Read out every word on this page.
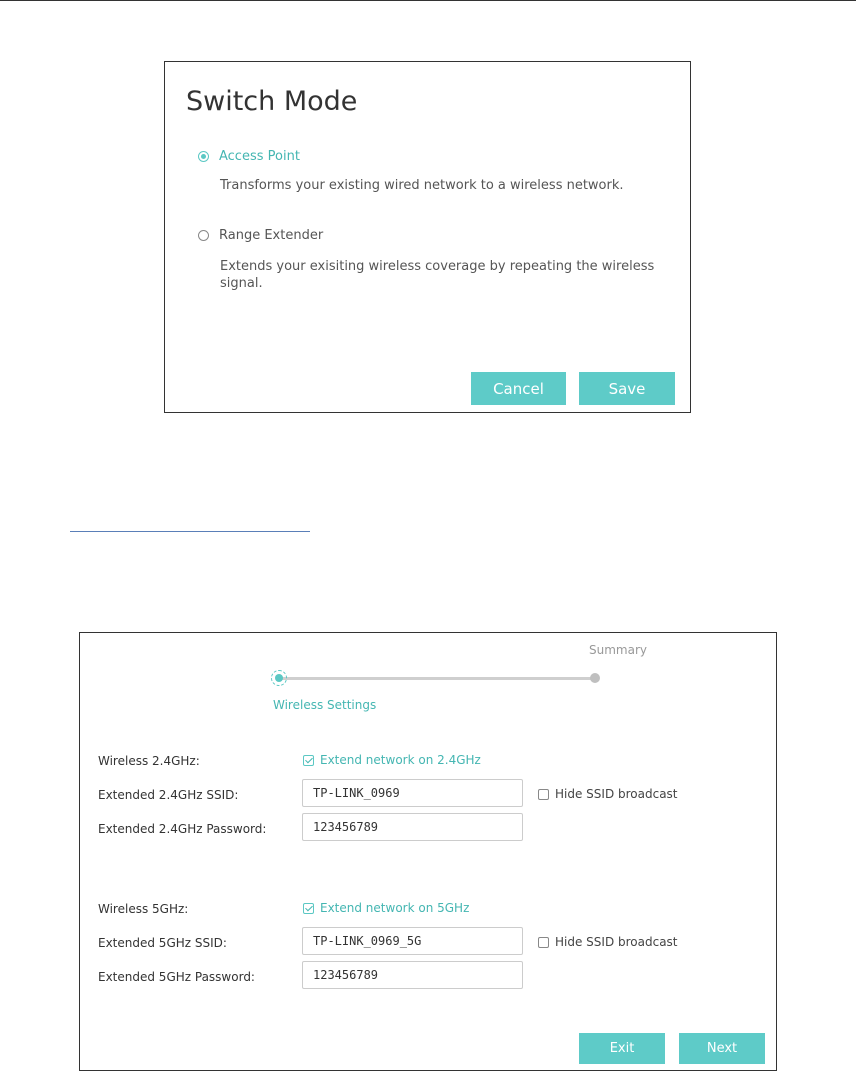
Switch Mode
Access Point
Transforms your existing wired network to a wireless network.
Range Extender
Extends your exisiting wireless coverage by repeating the wireless signal.
Cancel	Save
Summary
Wireless Settings
Wireless 2.4GHz:	Extend network on 2.4GHz
Extended 2.4GHz SSID:
TP-LINK_0969	Hide SSID broadcast
Extended 2.4GHz Password:
123456789
Wireless 5GHz:	Extend network on 5GHz
Extended 5GHz SSID:
TP-LINK_0969_5G	Hide SSID broadcast
Extended 5GHz Password:
123456789
Exit	Next
